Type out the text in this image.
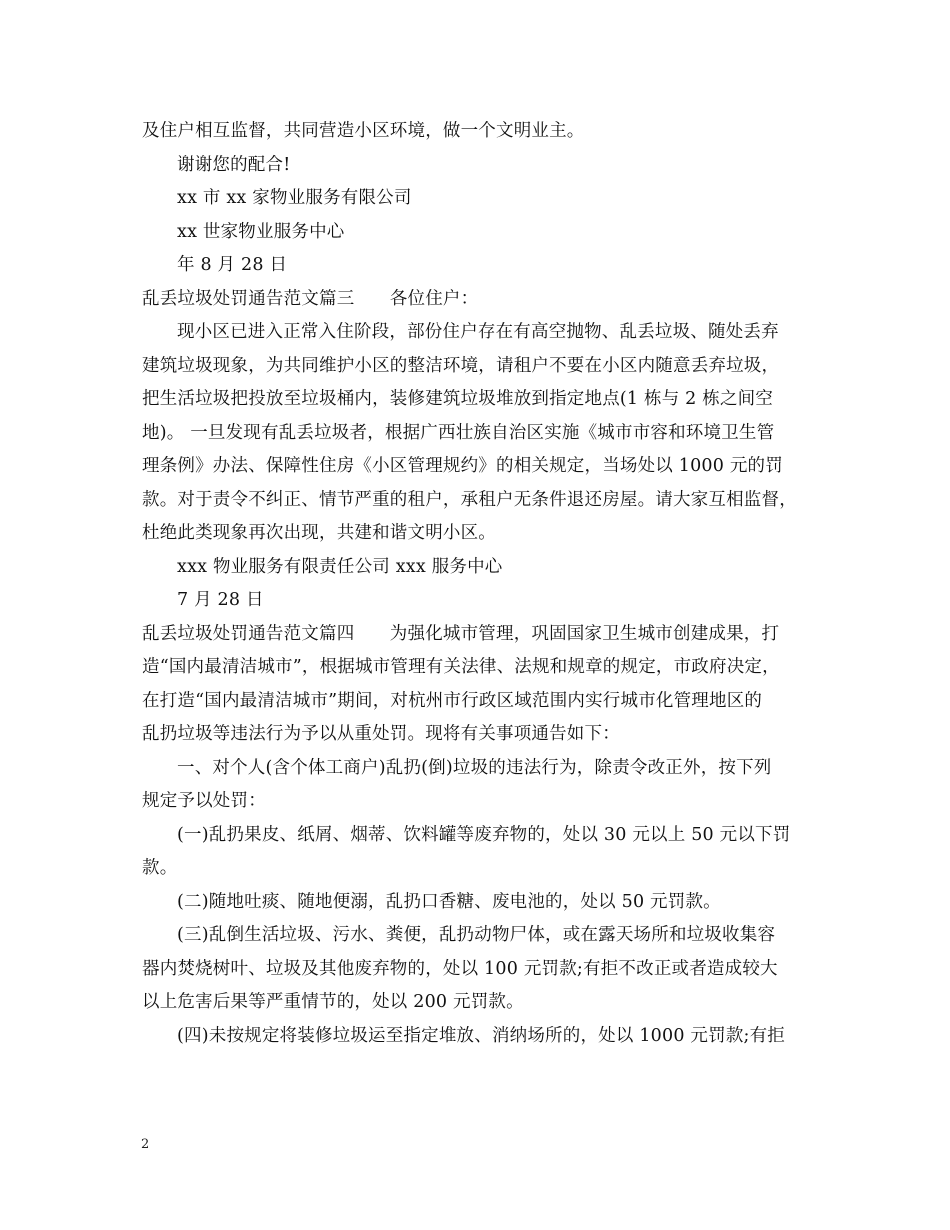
及住户相互监督，共同营造小区环境，做一个文明业主。
谢谢您的配合!
xx 市 xx 家物业服务有限公司
xx 世家物业服务中心
年 8 月 28 日
乱丢垃圾处罚通告范文篇三　　各位住户：
现小区已进入正常入住阶段，部份住户存在有高空抛物、乱丢垃圾、随处丢弃
建筑垃圾现象，为共同维护小区的整洁环境，请租户不要在小区内随意丢弃垃圾，
把生活垃圾把投放至垃圾桶内，装修建筑垃圾堆放到指定地点(1 栋与 2 栋之间空
地)。 一旦发现有乱丢垃圾者，根据广西壮族自治区实施《城市市容和环境卫生管
理条例》办法、保障性住房《小区管理规约》的相关规定，当场处以 1000 元的罚
款。对于责令不纠正、情节严重的租户，承租户无条件退还房屋。请大家互相监督，
杜绝此类现象再次出现，共建和谐文明小区。
xxx 物业服务有限责任公司 xxx 服务中心
7 月 28 日
乱丢垃圾处罚通告范文篇四　　为强化城市管理，巩固国家卫生城市创建成果，打
造“国内最清洁城市”，根据城市管理有关法律、法规和规章的规定，市政府决定，
在打造“国内最清洁城市”期间，对杭州市行政区域范围内实行城市化管理地区的
乱扔垃圾等违法行为予以从重处罚。现将有关事项通告如下：
一、对个人(含个体工商户)乱扔(倒)垃圾的违法行为，除责令改正外，按下列
规定予以处罚：
(一)乱扔果皮、纸屑、烟蒂、饮料罐等废弃物的，处以 30 元以上 50 元以下罚
款。
(二)随地吐痰、随地便溺，乱扔口香糖、废电池的，处以 50 元罚款。
(三)乱倒生活垃圾、污水、粪便，乱扔动物尸体，或在露天场所和垃圾收集容
器内焚烧树叶、垃圾及其他废弃物的，处以 100 元罚款;有拒不改正或者造成较大
以上危害后果等严重情节的，处以 200 元罚款。
(四)未按规定将装修垃圾运至指定堆放、消纳场所的，处以 1000 元罚款;有拒
2
